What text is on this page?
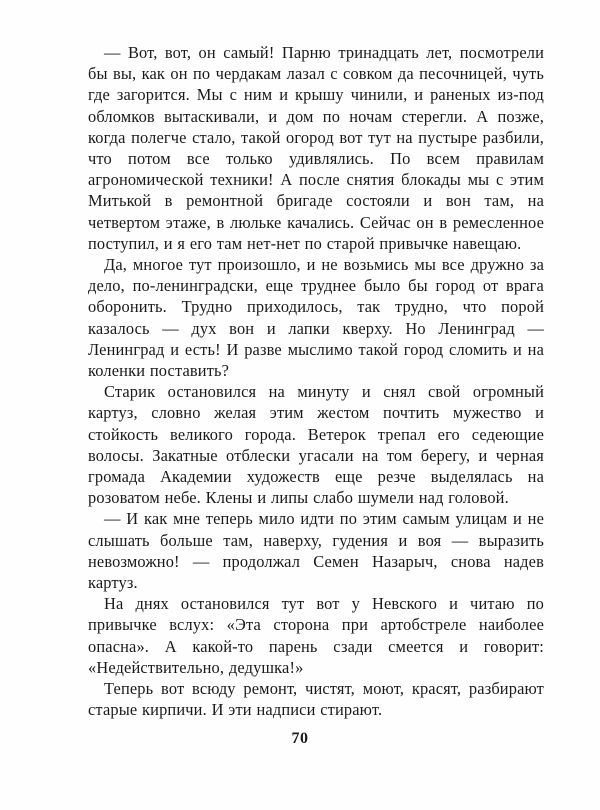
— Вот, вот, он самый! Парню тринадцать лет, посмотрели бы вы, как он по чердакам лазал с совком да песочницей, чуть где загорится. Мы с ним и крышу чинили, и раненых из-под обломков вытаскивали, и дом по ночам стерегли. А позже, когда полегче стало, такой огород вот тут на пустыре разбили, что потом все только удивлялись. По всем правилам агрономической техники! А после снятия блокады мы с этим Митькой в ремонтной бригаде состояли и вон там, на четвертом этаже, в люльке качались. Сейчас он в ремесленное поступил, и я его там нет-нет по старой привычке навещаю.

Да, многое тут произошло, и не возьмись мы все дружно за дело, по-ленинградски, еще труднее было бы город от врага оборонить. Трудно приходилось, так трудно, что порой казалось — дух вон и лапки кверху. Но Ленинград — Ленинград и есть! И разве мыслимо такой город сломить и на коленки поставить?

Старик остановился на минуту и снял свой огромный картуз, словно желая этим жестом почтить мужество и стойкость великого города. Ветерок трепал его седеющие волосы. Закатные отблески угасали на том берегу, и черная громада Академии художеств еще резче выделялась на розоватом небе. Клены и липы слабо шумели над головой.

— И как мне теперь мило идти по этим самым улицам и не слышать больше там, наверху, гудения и воя — выразить невозможно! — продолжал Семен Назарыч, снова надев картуз.

На днях остановился тут вот у Невского и читаю по привычке вслух: «Эта сторона при артобстреле наиболее опасна». А какой-то парень сзади смеется и говорит: «Недействительно, дедушка!»

Теперь вот всюду ремонт, чистят, моют, красят, разбирают старые кирпичи. И эти надписи стирают.

70
